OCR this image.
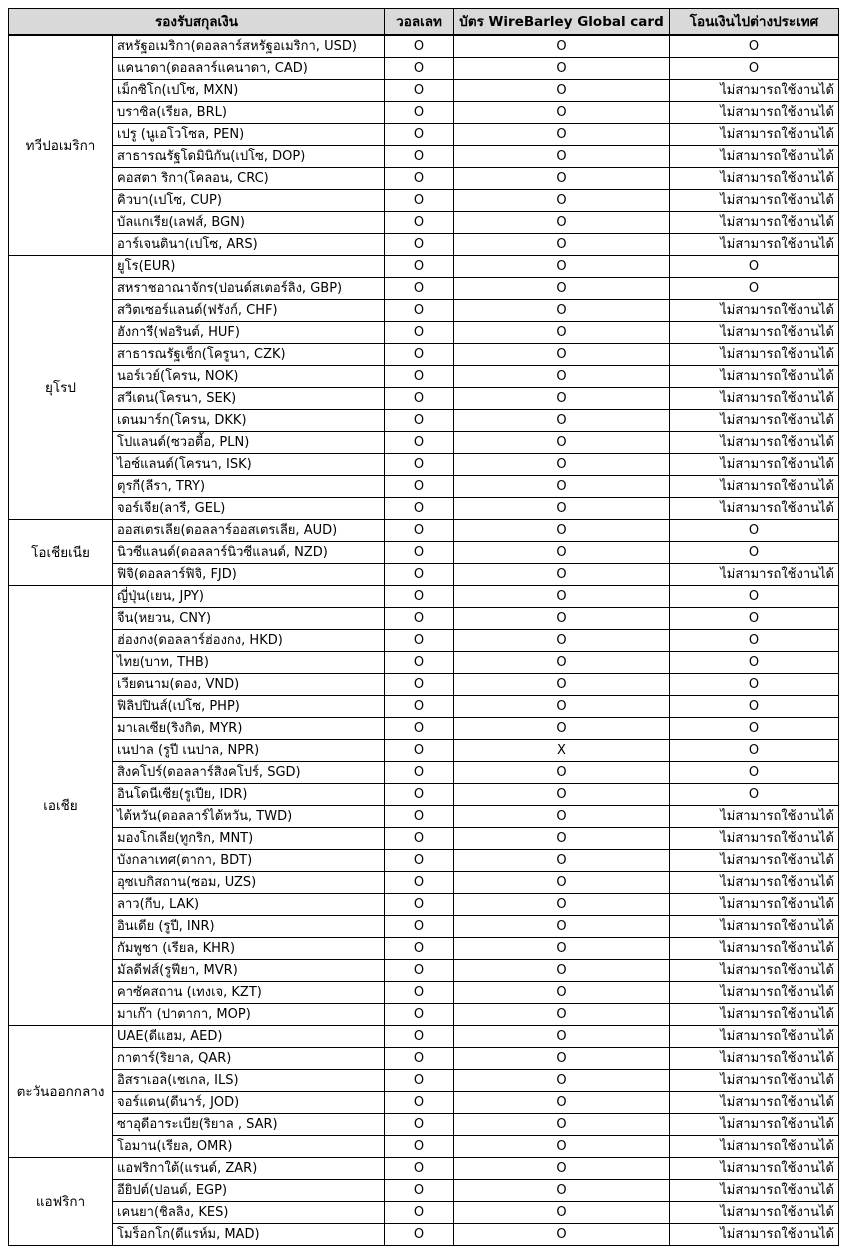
รองรับสกุลเงิน		วอลเลท	บัตร WireBarley Global card	โอนเงินไปต่างประเทศ
ทวีปอเมริกา	สหรัฐอเมริกา(ดอลลาร์สหรัฐอเมริกา, USD)	O	O	O
	แคนาดา(ดอลลาร์แคนาดา, CAD)	O	O	O
	เม็กซิโก(เปโซ, MXN)	O	O	ไม่สามารถใช้งานได้
	บราซิล(เรียล, BRL)	O	O	ไม่สามารถใช้งานได้
	เปรู (นูเอโวโซล, PEN)	O	O	ไม่สามารถใช้งานได้
	สาธารณรัฐโดมินิกัน(เปโซ, DOP)	O	O	ไม่สามารถใช้งานได้
	คอสตา ริกา(โคลอน, CRC)	O	O	ไม่สามารถใช้งานได้
	คิวบา(เปโซ, CUP)	O	O	ไม่สามารถใช้งานได้
	บัลแกเรีย(เลฟส์, BGN)	O	O	ไม่สามารถใช้งานได้
	อาร์เจนตินา(เปโซ, ARS)	O	O	ไม่สามารถใช้งานได้
ยุโรป	ยูโร(EUR)	O	O	O
	สหราชอาณาจักร(ปอนด์สเตอร์ลิง, GBP)	O	O	O
	สวิตเซอร์แลนด์(ฟรังก์, CHF)	O	O	ไม่สามารถใช้งานได้
	ฮังการี(ฟอรินต์, HUF)	O	O	ไม่สามารถใช้งานได้
	สาธารณรัฐเช็ก(โครูนา, CZK)	O	O	ไม่สามารถใช้งานได้
	นอร์เวย์(โครน, NOK)	O	O	ไม่สามารถใช้งานได้
	สวีเดน(โครนา, SEK)	O	O	ไม่สามารถใช้งานได้
	เดนมาร์ก(โครน, DKK)	O	O	ไม่สามารถใช้งานได้
	โปแลนด์(ซวอตี้อ, PLN)	O	O	ไม่สามารถใช้งานได้
	ไอซ์แลนด์(โครนา, ISK)	O	O	ไม่สามารถใช้งานได้
	ตุรกี(ลีรา, TRY)	O	O	ไม่สามารถใช้งานได้
	จอร์เจีย(ลารี, GEL)	O	O	ไม่สามารถใช้งานได้
โอเชียเนีย	ออสเตรเลีย(ดอลลาร์ออสเตรเลีย, AUD)	O	O	O
	นิวซีแลนด์(ดอลลาร์นิวซีแลนด์, NZD)	O	O	O
	ฟิจิ(ดอลลาร์ฟิจิ, FJD)	O	O	ไม่สามารถใช้งานได้
เอเชีย	ญี่ปุ่น(เยน, JPY)	O	O	O
	จีน(หยวน, CNY)	O	O	O
	ฮ่องกง(ดอลลาร์ฮ่องกง, HKD)	O	O	O
	ไทย(บาท, THB)	O	O	O
	เวียดนาม(ดอง, VND)	O	O	O
	ฟิลิปปินส์(เปโซ, PHP)	O	O	O
	มาเลเซีย(ริงกิต, MYR)	O	O	O
	เนปาล (รูปี เนปาล, NPR)	O	X	O
	สิงคโปร์(ดอลลาร์สิงคโปร์, SGD)	O	O	O
	อินโดนีเซีย(รูเปีย, IDR)	O	O	O
	ไต้หวัน(ดอลลาร์ไต้หวัน, TWD)	O	O	ไม่สามารถใช้งานได้
	มองโกเลีย(ทูกริก, MNT)	O	O	ไม่สามารถใช้งานได้
	บังกลาเทศ(ตากา, BDT)	O	O	ไม่สามารถใช้งานได้
	อุซเบกิสถาน(ซอม, UZS)	O	O	ไม่สามารถใช้งานได้
	ลาว(กีบ, LAK)	O	O	ไม่สามารถใช้งานได้
	อินเดีย (รูปี, INR)	O	O	ไม่สามารถใช้งานได้
	กัมพูชา (เรียล, KHR)	O	O	ไม่สามารถใช้งานได้
	มัลดีฟส์(รูฟียา, MVR)	O	O	ไม่สามารถใช้งานได้
	คาซัคสถาน (เทงเจ, KZT)	O	O	ไม่สามารถใช้งานได้
	มาเก๊า (ปาตากา, MOP)	O	O	ไม่สามารถใช้งานได้
ตะวันออกกลาง	UAE(ดีแฮม, AED)	O	O	ไม่สามารถใช้งานได้
	กาตาร์(ริยาล, QAR)	O	O	ไม่สามารถใช้งานได้
	อิสราเอล(เชเกล, ILS)	O	O	ไม่สามารถใช้งานได้
	จอร์แดน(ดีนาร์, JOD)	O	O	ไม่สามารถใช้งานได้
	ซาอุดีอาระเบีย(ริยาล , SAR)	O	O	ไม่สามารถใช้งานได้
	โอมาน(เรียล, OMR)	O	O	ไม่สามารถใช้งานได้
แอฟริกา	แอฟริกาใต้(แรนด์, ZAR)	O	O	ไม่สามารถใช้งานได้
	อียิปต์(ปอนด์, EGP)	O	O	ไม่สามารถใช้งานได้
	เคนยา(ชิลลิง, KES)	O	O	ไม่สามารถใช้งานได้
	โมร็อกโก(ดีแรห์ม, MAD)	O	O	ไม่สามารถใช้งานได้
